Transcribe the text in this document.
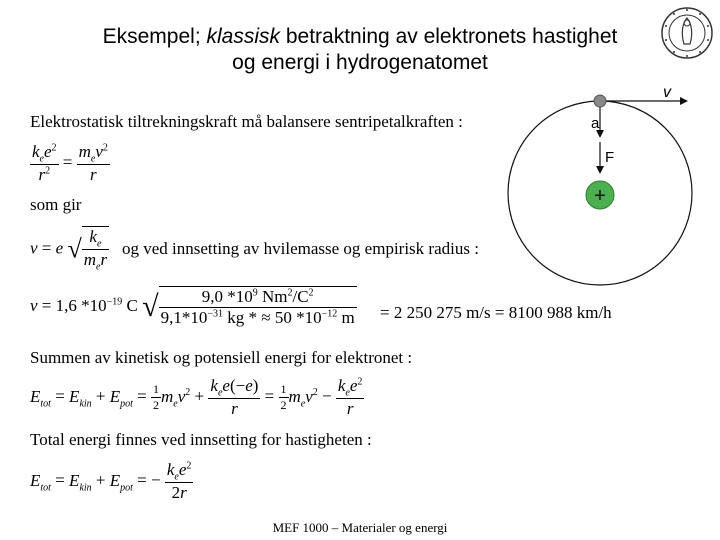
Eksempel; klassisk betraktning av elektronets hastighet
og energi i hydrogenatomet
+
v
a
F
Elektrostatisk tiltrekningskraft må balansere sentripetalkraften :
$\frac{k_ee^2}{r^2} = \frac{m_ev^2}{r}$
som gir
v = e √ $\frac{k_e}{m_er}$ og ved innsetting av hvilemasse og empirisk radius :
v = 1,6 $*10^{-19}$ C √ $\frac{9,0 *10^9 Nm^2/C^2}{9,1*10^{-31} kg * \approx 50 *10^{-12} m} = 2$ 250 275 m/s = 8100 988 km/h
Summen av kinetisk og potensiell energi for elektronet :
$E_{tot} = E_{kin} + E_{pot} = \frac{1}{2} m_ev^2 + \frac{k_ee(-e)}{r} = \frac{1}{2} m_ev^2 - \frac{k_ee^2}{r}$
Total energi finnes ved innsetting for hastigheten :
$E_{tot} = E_{kin} + E_{pot}$ = − $\frac{k_ee^2}{2r}$
MEF 1000 – Materialer og energi
